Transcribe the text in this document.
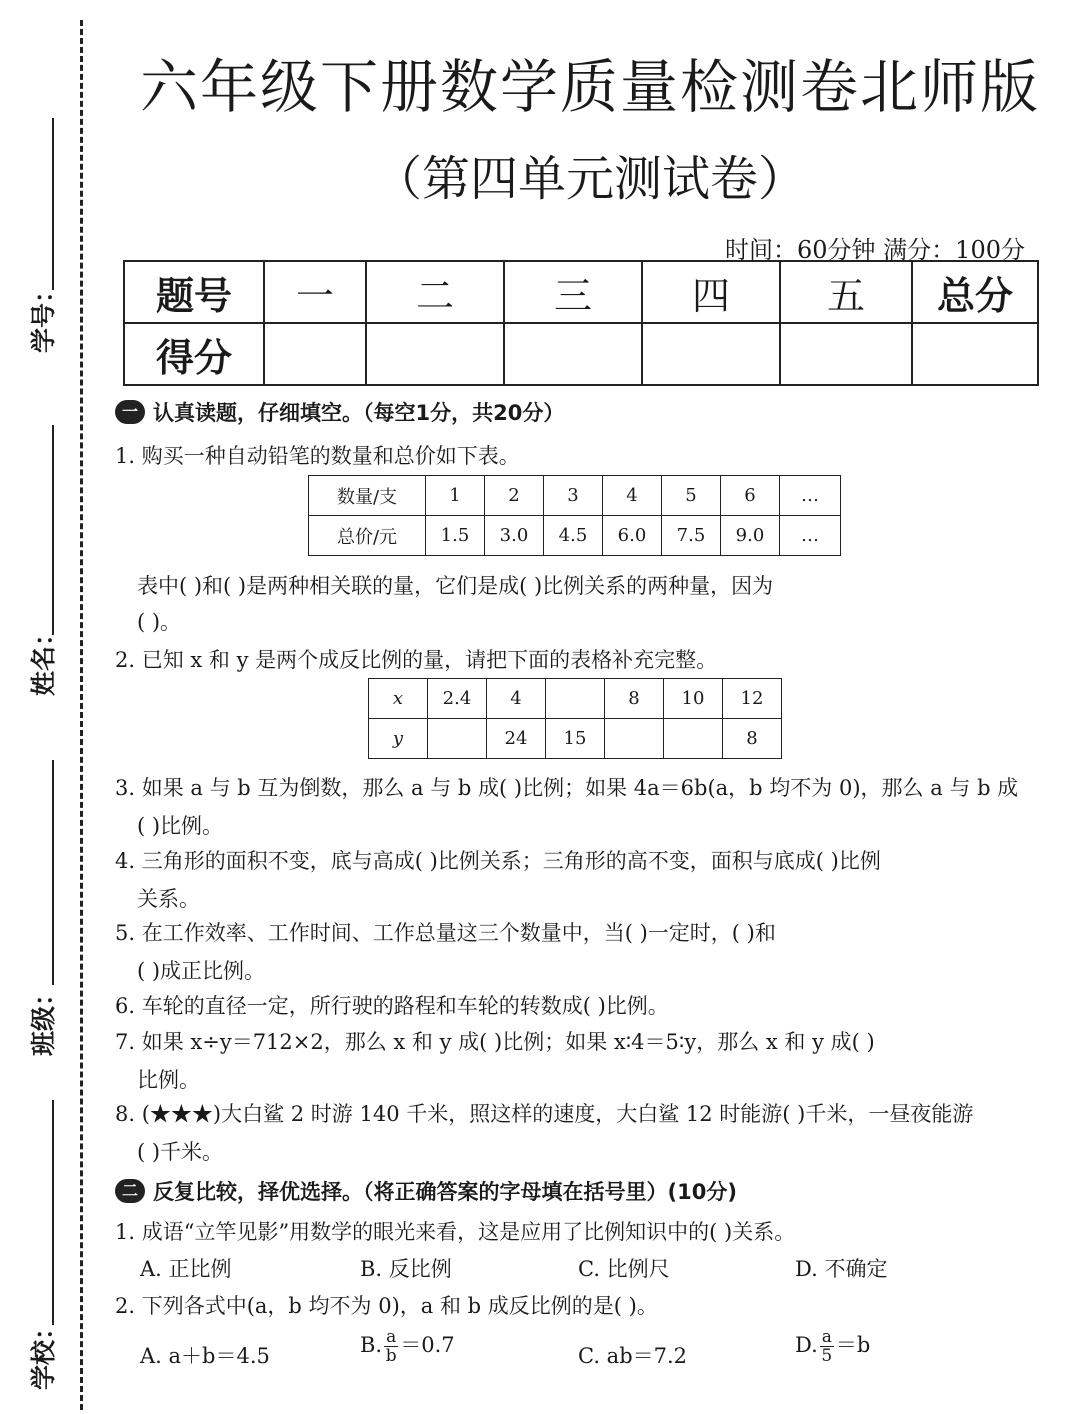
学号：
姓名：
班级：
学校：
六年级下册数学质量检测卷北师版
（第四单元测试卷）
时间：60分钟 满分：100分
题号	一	二	三	四	五	总分
得分						
一 认真读题，仔细填空。（每空1分，共20分）
1. 购买一种自动铅笔的数量和总价如下表。
数量/支	1	2	3	4	5	6	…
总价/元	1.5	3.0	4.5	6.0	7.5	9.0	…
表中( )和( )是两种相关联的量，它们是成( )比例关系的两种量，因为
( )。
2. 已知 x 和 y 是两个成反比例的量，请把下面的表格补充完整。
x	2.4	4		8	10	12
y		24	15			8
3. 如果 a 与 b 互为倒数，那么 a 与 b 成( )比例；如果 4a＝6b(a，b 均不为 0)，那么 a 与 b 成
( )比例。
4. 三角形的面积不变，底与高成( )比例关系；三角形的高不变，面积与底成( )比例
关系。
5. 在工作效率、工作时间、工作总量这三个数量中，当( )一定时，( )和
( )成正比例。
6. 车轮的直径一定，所行驶的路程和车轮的转数成( )比例。
7. 如果 x÷y＝712×2，那么 x 和 y 成( )比例；如果 x∶4＝5∶y，那么 x 和 y 成( )
比例。
8. (★★★)大白鲨 2 时游 140 千米，照这样的速度，大白鲨 12 时能游( )千米，一昼夜能游
( )千米。
二 反复比较，择优选择。（将正确答案的字母填在括号里）(10分)
1. 成语“立竿见影”用数学的眼光来看，这是应用了比例知识中的( )关系。
A. 正比例	B. 反比例	C. 比例尺	D. 不确定
2. 下列各式中(a，b 均不为 0)，a 和 b 成反比例的是( )。
A. a＋b＝4.5	B. $\frac{a}{b} =0.7$	C. ab＝7.2	D. $\frac{a}{5} =b$
